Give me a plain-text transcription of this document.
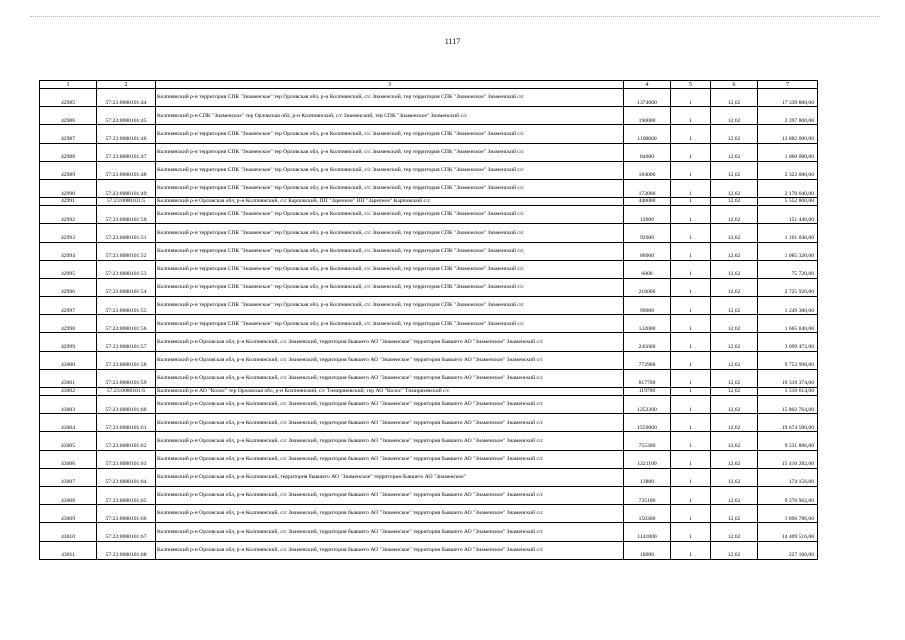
1117
1	2	3	4	5	6	7
42985	57:23:0080101:44	Колпнянский р-н территория СПК "Знаменское" тер Орловская обл, р-н Колпнянский, с/с Знаменский, тер территория СПК "Знаменское" Знаменский с/с	1374000	1	12,62	17 339 880,00
42986	57:23:0080101:45	Колпнянский р-н СПК "Знаменское" тер Орловская обл, р-н Колпнянский, с/с Знаменский, тер СПК "Знаменское" Знаменский с/с	190000	1	12,62	2 397 800,00
42987	57:23:0080101:46	Колпнянский р-н территория СПК "Знаменское" тер Орловская обл, р-н Колпнянский, с/с Знаменский, тер территория СПК "Знаменское" Знаменский с/с	1100000	1	12,62	13 882 000,00
42988	57:23:0080101:47	Колпнянский р-н территория СПК "Знаменское" тер Орловская обл, р-н Колпнянский, с/с Знаменский, тер территория СПК "Знаменское" Знаменский с/с	84000	1	12,62	1 060 080,00
42989	57:23:0080101:48	Колпнянский р-н территория СПК "Знаменское" тер Орловская обл, р-н Колпнянский, с/с Знаменский, тер территория СПК "Знаменское" Знаменский с/с	184000	1	12,62	2 322 080,00
42990	57:23:0080101:49	Колпнянский р-н территория СПК "Знаменское" тер Орловская обл, р-н Колпнянский, с/с Знаменский, тер территория СПК "Знаменское" Знаменский с/с	172000	1	12,62	2 170 640,00
42991	57:23:0080101:5	Колпнянский р-н Орловская обл, р-н Колпнянский, с/с Карповский, ПП "Заречное" ПП "Заречное" Карповский с/с	440000	1	12,62	5 552 800,00
42992	57:23:0080101:50	Колпнянский р-н территория СПК "Знаменское" тер Орловская обл, р-н Колпнянский, с/с Знаменский, тер территория СПК "Знаменское" Знаменский с/с	12000	1	12,62	151 440,00
42993	57:23:0080101:51	Колпнянский р-н территория СПК "Знаменское" тер Орловская обл, р-н Колпнянский, с/с Знаменский, тер территория СПК "Знаменское" Знаменский с/с	92000	1	12,62	1 161 040,00
42994	57:23:0080101:52	Колпнянский р-н территория СПК "Знаменское" тер Орловская обл, р-н Колпнянский, с/с Знаменский, тер территория СПК "Знаменское" Знаменский с/с	86000	1	12,62	1 085 320,00
42995	57:23:0080101:53	Колпнянский р-н территория СПК "Знаменское" тер Орловская обл, р-н Колпнянский, с/с Знаменский, тер территория СПК "Знаменское" Знаменский с/с	6000	1	12,62	75 720,00
42996	57:23:0080101:54	Колпнянский р-н территория СПК "Знаменское" тер Орловская обл, р-н Колпнянский, с/с Знаменский, тер территория СПК "Знаменское" Знаменский с/с	216000	1	12,62	2 725 920,00
42997	57:23:0080101:55	Колпнянский р-н территория СПК "Знаменское" тер Орловская обл, р-н Колпнянский, с/с Знаменский, тер территория СПК "Знаменское" Знаменский с/с	99000	1	12,62	1 249 380,00
42998	57:23:0080101:56	Колпнянский р-н территория СПК "Знаменское" тер Орловская обл, р-н Колпнянский, с/с Знаменский, тер территория СПК "Знаменское" Знаменский с/с	132000	1	12,62	1 665 840,00
42999	57:23:0080101:57	Колпнянский р-н Орловская обл, р-н Колпнянский, с/с Знаменский, территория бывшего АО "Знаменское" территория бывшего АО "Знаменское" Знаменский с/с	245600	1	12,62	3 099 472,00
43000	57:23:0080101:58	Колпнянский р-н Орловская обл, р-н Колпнянский, с/с Знаменский, территория бывшего АО "Знаменское" территория бывшего АО "Знаменское" Знаменский с/с	772900	1	12,62	9 753 998,00
43001	57:23:0080101:59	Колпнянский р-н Орловская обл, р-н Колпнянский, с/с Знаменский, территория бывшего АО "Знаменское" территория бывшего АО "Знаменское" Знаменский с/с	817700	1	12,62	10 319 374,00
43002	57:23:0080101:6	Колпнянский р-н АО "Колос" тер Орловская обл, р-н Колпнянский, с/с Тимирязевский, тер АО "Колос" Тимирязевский с/с	119700	1	12,62	1 510 614,00
43003	57:23:0080101:60	Колпнянский р-н Орловская обл, р-н Колпнянский, с/с Знаменский, территория бывшего АО "Знаменское" территория бывшего АО "Знаменское" Знаменский с/с	1252200	1	12,62	15 802 764,00
43004	57:23:0080101:61	Колпнянский р-н Орловская обл, р-н Колпнянский, с/с Знаменский, территория бывшего АО "Знаменское" территория бывшего АО "Знаменское" Знаменский с/с	1559000	1	12,62	19 674 580,00
43005	57:23:0080101:62	Колпнянский р-н Орловская обл, р-н Колпнянский, с/с Знаменский, территория бывшего АО "Знаменское" территория бывшего АО "Знаменское" Знаменский с/с	755300	1	12,62	9 531 886,00
43006	57:23:0080101:63	Колпнянский р-н Орловская обл, р-н Колпнянский, с/с Знаменский, территория бывшего АО "Знаменское" территория бывшего АО "Знаменское" Знаменский с/с	1221100	1	12,62	15 410 282,00
43007	57:23:0080101:64	Колпнянский р-н Орловская обл, р-н Колпнянский, территория бывшего АО "Знаменское" территория бывшего АО "Знаменское"	13800	1	12,62	174 156,00
43008	57:23:0080101:65	Колпнянский р-н Орловская обл, р-н Колпнянский, с/с Знаменский, территория бывшего АО "Знаменское" территория бывшего АО "Знаменское" Знаменский с/с	735100	1	12,62	9 276 962,00
43009	57:23:0080101:66	Колпнянский р-н Орловская обл, р-н Колпнянский, с/с Знаменский, территория бывшего АО "Знаменское" территория бывшего АО "Знаменское" Знаменский с/с	150300	1	12,62	1 896 786,00
43010	57:23:0080101:67	Колпнянский р-н Орловская обл, р-н Колпнянский, с/с Знаменский, территория бывшего АО "Знаменское" территория бывшего АО "Знаменское" Знаменский с/с	1141800	1	12,62	14 409 516,00
43011	57:23:0080101:68	Колпнянский р-н Орловская обл, р-н Колпнянский, с/с Знаменский, территория бывшего АО "Знаменское" территория бывшего АО "Знаменское" Знаменский с/с	18000	1	12,62	227 160,00
